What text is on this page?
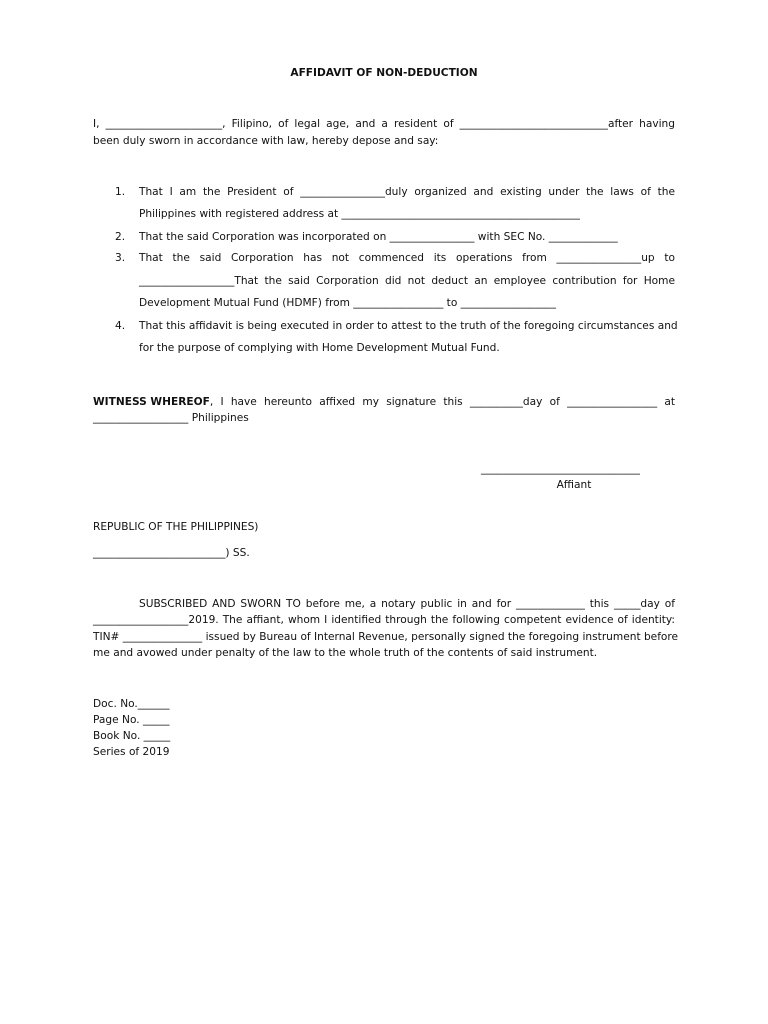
AFFIDAVIT OF NON-DEDUCTION
I, ______________________, Filipino, of legal age, and a resident of ____________________________after having
been duly sworn in accordance with law, hereby depose and say:
1.	That I am the President of ________________duly organized and existing under the laws of the
Philippines with registered address at _____________________________________________
2.	That the said Corporation was incorporated on ________________ with SEC No. _____________
3.	That the said Corporation has not commenced its operations from ________________up to
__________________That the said Corporation did not deduct an employee contribution for Home
Development Mutual Fund (HDMF) from _________________ to __________________
4.	That this affidavit is being executed in order to attest to the truth of the foregoing circumstances and
for the purpose of complying with Home Development Mutual Fund.
WITNESS WHEREOF , I have hereunto affixed my signature this __________day of _________________ at
__________________ Philippines
______________________________
Affiant
REPUBLIC OF THE PHILIPPINES)
_________________________) SS.
SUBSCRIBED AND SWORN TO before me, a notary public in and for _____________ this _____day of
__________________2019. The affiant, whom I identified through the following competent evidence of identity:
TIN# _______________ issued by Bureau of Internal Revenue, personally signed the foregoing instrument before
me and avowed under penalty of the law to the whole truth of the contents of said instrument.
Doc. No.______
Page No. _____
Book No. _____
Series of 2019
